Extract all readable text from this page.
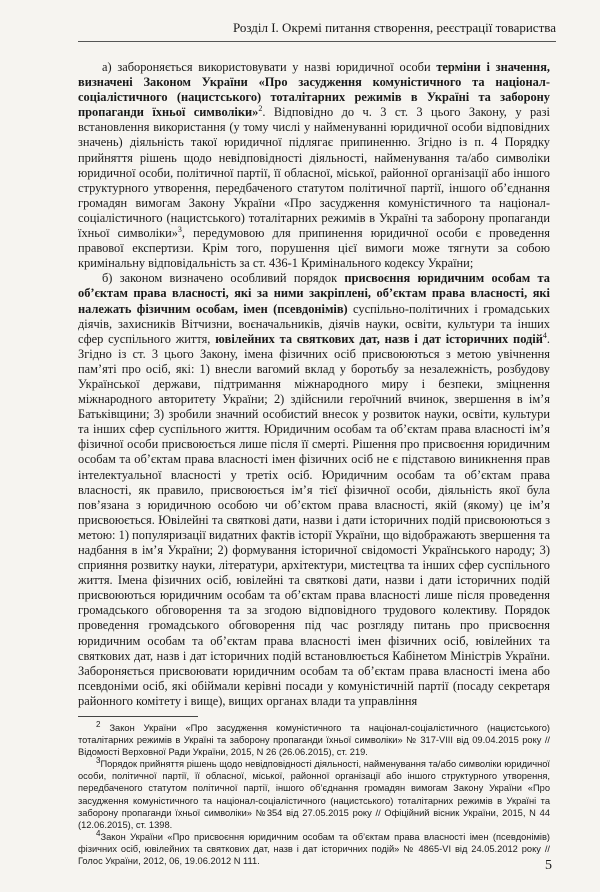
Розділ І. Окремі питання створення, реєстрації товариства

а) забороняється використовувати у назві юридичної особи терміни і значення, визначені Законом України «Про засудження комуністичного та націонал-соціалістичного (нацистського) тоталітарних режимів в Україні та заборону пропаганди їхньої символіки»$^2$. Відповідно до ч. 3 ст. 3 цього Закону, у разі встановлення використання (у тому числі у найменуванні юридичної особи відповідних значень) діяльність такої юридичної підлягає припиненню. Згідно із п. 4 Порядку прийняття рішень щодо невідповідності діяльності, найменування та/або символіки юридичної особи, політичної партії, її обласної, міської, районної організації або іншого структурного утворення, передбаченого статутом політичної партії, іншого об’єднання громадян вимогам Закону України «Про засудження комуністичного та націонал-соціалістичного (нацистського) тоталітарних режимів в Україні та заборону пропаганди їхньої символіки»$^3$, передумовою для припинення юридичної особи є проведення правової експертизи. Крім того, порушення цієї вимоги може тягнути за собою кримінальну відповідальність за ст. 436-1 Кримінального кодексу України;

б) законом визначено особливий порядок присвоєння юридичним особам та об’єктам права власності, які за ними закріплені, об’єктам права власності, які належать фізичним особам, імен (псевдонімів) суспільно-політичних і громадських діячів, захисників Вітчизни, воєначальників, діячів науки, освіти, культури та інших сфер суспільного життя, ювілейних та святкових дат, назв і дат історичних подій$^4$. Згідно із ст. 3 цього Закону, імена фізичних осіб присвоюються з метою увічнення пам’яті про осіб, які: 1) внесли вагомий вклад у боротьбу за незалежність, розбудову Української держави, підтримання міжнародного миру і безпеки, зміцнення міжнародного авторитету України; 2) здійснили героїчний вчинок, звершення в ім’я Батьківщини; 3) зробили значний особистий внесок у розвиток науки, освіти, культури та інших сфер суспільного життя. Юридичним особам та об’єктам права власності ім’я фізичної особи присвоюється лише після її смерті. Рішення про присвоєння юридичним особам та об’єктам права власності імен фізичних осіб не є підставою виникнення прав інтелектуальної власності у третіх осіб. Юридичним особам та об’єктам права власності, як правило, присвоюється ім’я тієї фізичної особи, діяльність якої була пов’язана з юридичною особою чи об’єктом права власності, якій (якому) це ім’я присвоюється. Ювілейні та святкові дати, назви і дати історичних подій присвоюються з метою: 1) популяризації видатних фактів історії України, що відображають звершення та надбання в ім’я України; 2) формування історичної свідомості Українського народу; 3) сприяння розвитку науки, літератури, архітектури, мистецтва та інших сфер суспільного життя. Імена фізичних осіб, ювілейні та святкові дати, назви і дати історичних подій присвоюються юридичним особам та об’єктам права власності лише після проведення громадського обговорення та за згодою відповідного трудового колективу. Порядок проведення громадського обговорення під час розгляду питань про присвоєння юридичним особам та об’єктам права власності імен фізичних осіб, ювілейних та святкових дат, назв і дат історичних подій встановлюється Кабінетом Міністрів України. Забороняється присвоювати юридичним особам та об’єктам права власності імена або псевдоніми осіб, які обіймали керівні посади у комуністичній партії (посаду секретаря районного комітету і вище), вищих органах влади та управління

$^2$ Закон України «Про засудження комуністичного та націонал-соціалістичного (нацистського) тоталітарних режимів в Україні та заборону пропаганди їхньої символіки» № 317-VIII від 09.04.2015 року // Відомості Верховної Ради України, 2015, N 26 (26.06.2015), ст. 219.

$^3$Порядок прийняття рішень щодо невідповідності діяльності, найменування та/або символіки юридичної особи, політичної партії, її обласної, міської, районної організації або іншого структурного утворення, передбаченого статутом політичної партії, іншого об’єднання громадян вимогам Закону України «Про засудження комуністичного та націонал-соціалістичного (нацистського) тоталітарних режимів в Україні та заборону пропаганди їхньої символіки» №354 від 27.05.2015 року // Офіційний вісник України, 2015, N 44 (12.06.2015), ст. 1398.

$^4$Закон України «Про присвоєння юридичним особам та об’єктам права власності імен (псевдонімів) фізичних осіб, ювілейних та святкових дат, назв і дат історичних подій» № 4865-VI від 24.05.2012 року // Голос України, 2012, 06, 19.06.2012 N 111.	5
